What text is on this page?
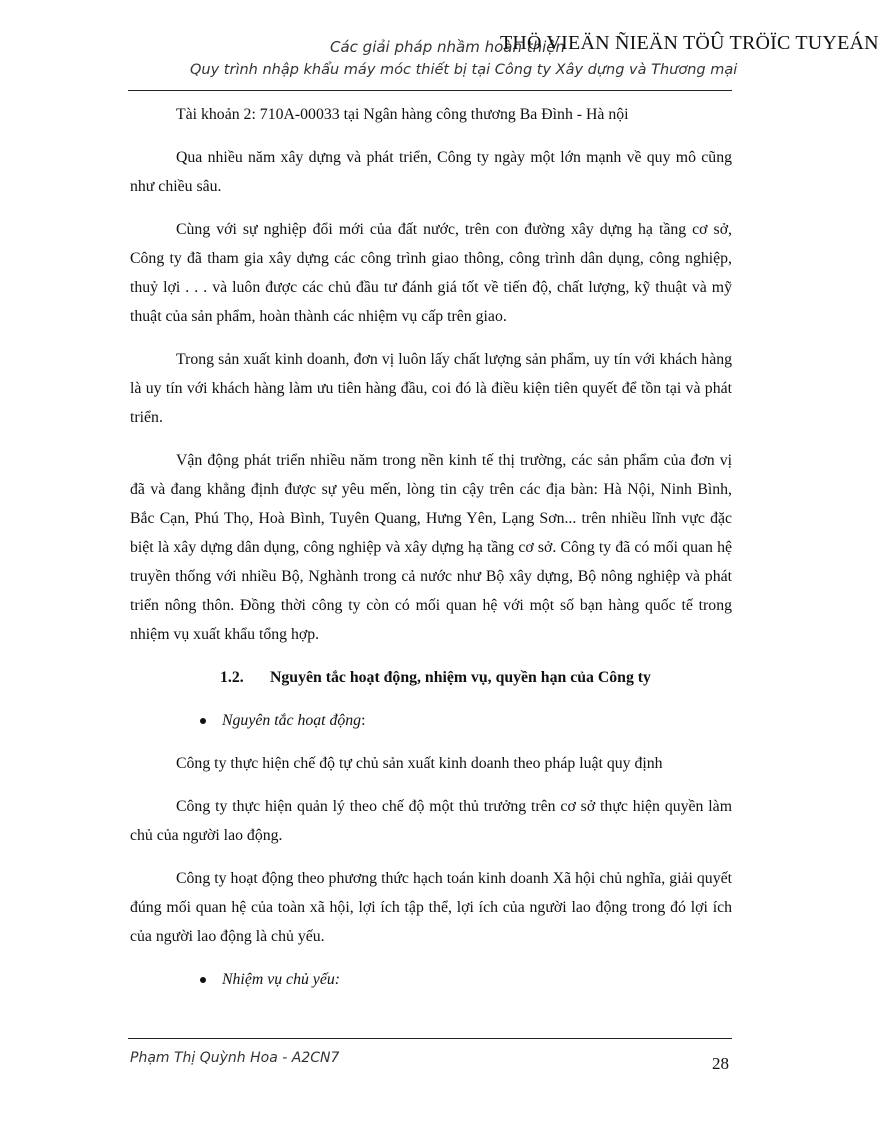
Các giải pháp nhầm hoàn thiện
THÖ VIEÄN ÑIEÄN TÖÛ TRÖÏC TUYEÁN
Quy trình nhập khẩu máy móc thiết bị tại Công ty Xây dựng và Thương mại

Tài khoản 2: 710A-00033 tại Ngân hàng công thương Ba Đình - Hà nội

Qua nhiều năm xây dựng và phát triển, Công ty ngày một lớn mạnh về quy mô cũng như chiều sâu.

Cùng với sự nghiệp đổi mới của đất nước, trên con đường xây dựng hạ tầng cơ sở, Công ty đã tham gia xây dựng các công trình giao thông, công trình dân dụng, công nghiệp, thuỷ lợi . . . và luôn được các chủ đầu tư đánh giá tốt về tiến độ, chất lượng, kỹ thuật và mỹ thuật của sản phẩm, hoàn thành các nhiệm vụ cấp trên giao.

Trong sản xuất kinh doanh, đơn vị luôn lấy chất lượng sản phẩm, uy tín với khách hàng là uy tín với khách hàng làm ưu tiên hàng đầu, coi đó là điều kiện tiên quyết để tồn tại và phát triển.

Vận động phát triển nhiều năm trong nền kinh tế thị trường, các sản phẩm của đơn vị đã và đang khẳng định được sự yêu mến, lòng tin cậy trên các địa bàn: Hà Nội, Ninh Bình, Bắc Cạn, Phú Thọ, Hoà Bình, Tuyên Quang, Hưng Yên, Lạng Sơn... trên nhiều lĩnh vực đặc biệt là xây dựng dân dụng, công nghiệp và xây dựng hạ tầng cơ sở. Công ty đã có mối quan hệ truyền thống với nhiều Bộ, Nghành trong cả nước như Bộ xây dựng, Bộ nông nghiệp và phát triển nông thôn. Đồng thời công ty còn có mối quan hệ với một số bạn hàng quốc tế trong nhiệm vụ xuất khẩu tổng hợp.

1.2.	Nguyên tắc hoạt động, nhiệm vụ, quyền hạn của Công ty
Nguyên tắc hoạt động:

Công ty thực hiện chế độ tự chủ sản xuất kinh doanh theo pháp luật quy định

Công ty thực hiện quản lý theo chế độ một thủ trưởng trên cơ sở thực hiện quyền làm chủ của người lao động.

Công ty hoạt động theo phương thức hạch toán kinh doanh Xã hội chủ nghĩa, giải quyết đúng mối quan hệ của toàn xã hội, lợi ích tập thể, lợi ích của người lao động trong đó lợi ích của người lao động là chủ yếu.

Nhiệm vụ chủ yếu:
Phạm Thị Quỳnh Hoa - A2CN7	28
